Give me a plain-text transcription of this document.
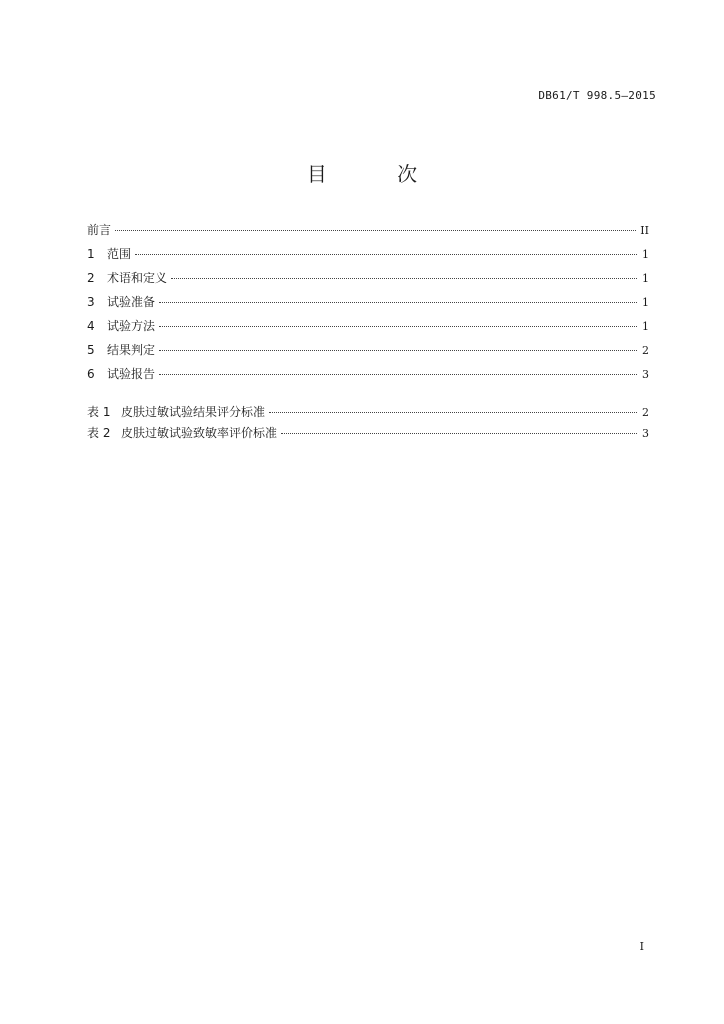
DB61/T 998.5—2015
目 次
前言	II
1	范围	1
2	术语和定义	1
3	试验准备	1
4	试验方法	1
5	结果判定	2
6	试验报告	3
表 1 皮肤过敏试验结果评分标准	2
表 2 皮肤过敏试验致敏率评价标准	3
I
